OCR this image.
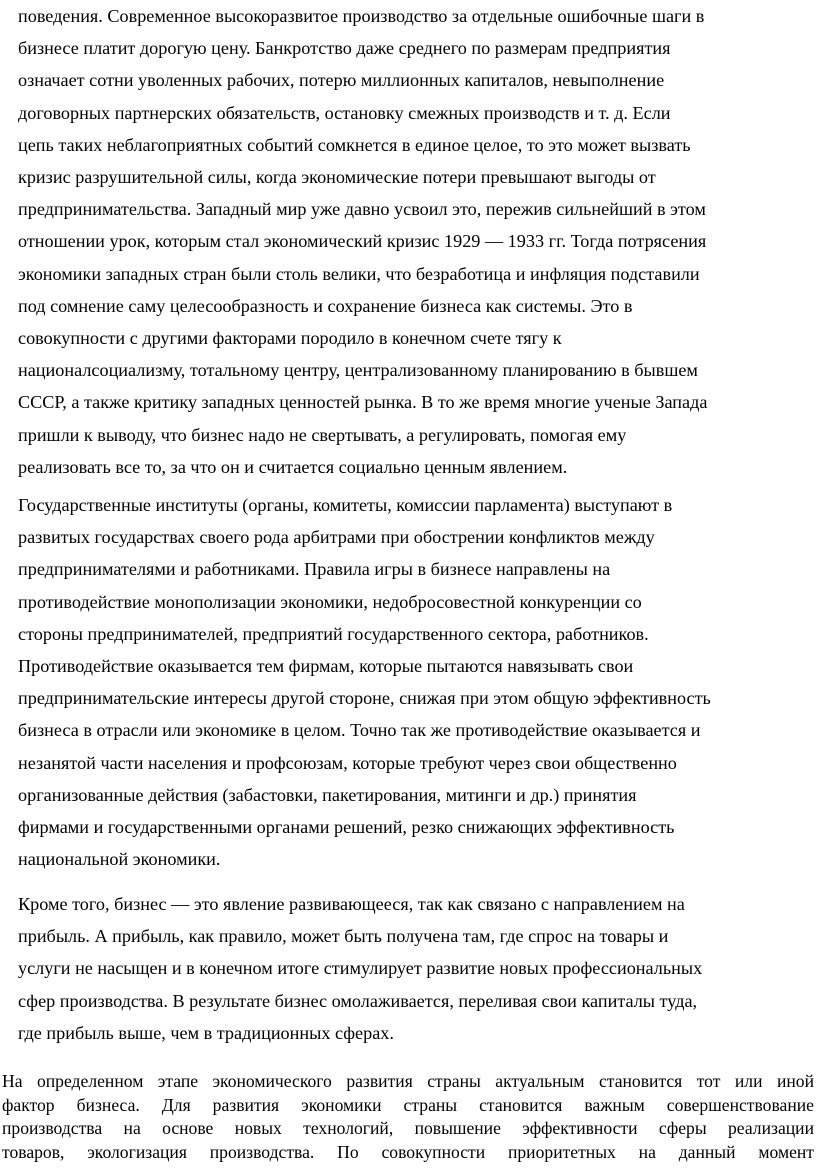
поведения. Современное высокоразвитое производство за отдельные ошибочные шаги в
бизнесе платит дорогую цену. Банкротство даже среднего по размерам предприятия
означает сотни уволенных рабочих, потерю миллионных капиталов, невыполнение
договорных партнерских обязательств, остановку смежных производств и т. д. Если
цепь таких неблагоприятных событий сомкнется в единое целое, то это может вызвать
кризис разрушительной силы, когда экономические потери превышают выгоды от
предпринимательства. Западный мир уже давно усвоил это, пережив сильнейший в этом
отношении урок, которым стал экономический кризис 1929 — 1933 гг. Тогда потрясения
экономики западных стран были столь велики, что безработица и инфляция подставили
под сомнение саму целесообразность и сохранение бизнеса как системы. Это в
совокупности с другими факторами породило в конечном счете тягу к
националсоциализму, тотальному центру, централизованному планированию в бывшем
СССР, а также критику западных ценностей рынка. В то же время многие ученые Запада
пришли к выводу, что бизнес надо не свертывать, а регулировать, помогая ему
реализовать все то, за что он и считается социально ценным явлением.

Государственные институты (органы, комитеты, комиссии парламента) выступают в
развитых государствах своего рода арбитрами при обострении конфликтов между
предпринимателями и работниками. Правила игры в бизнесе направлены на
противодействие монополизации экономики, недобросовестной конкуренции со
стороны предпринимателей, предприятий государственного сектора, работников.
Противодействие оказывается тем фирмам, которые пытаются навязывать свои
предпринимательские интересы другой стороне, снижая при этом общую эффективность
бизнеса в отрасли или экономике в целом. Точно так же противодействие оказывается и
незанятой части населения и профсоюзам, которые требуют через свои общественно
организованные действия (забастовки, пакетирования, митинги и др.) принятия
фирмами и государственными органами решений, резко снижающих эффективность
национальной экономики.

Кроме того, бизнес — это явление развивающееся, так как связано с направлением на
прибыль. А прибыль, как правило, может быть получена там, где спрос на товары и
услуги не насыщен и в конечном итоге стимулирует развитие новых профессиональных
сфер производства. В результате бизнес омолаживается, переливая свои капиталы туда,
где прибыль выше, чем в традиционных сферах.

На определенном этапе экономического развития страны актуальным становится тот или иной
фактор бизнеса. Для развития экономики страны становится важным совершенствование
производства на основе новых технологий, повышение эффективности сферы реализации
товаров, экологизация производства. По совокупности приоритетных на данный момент
